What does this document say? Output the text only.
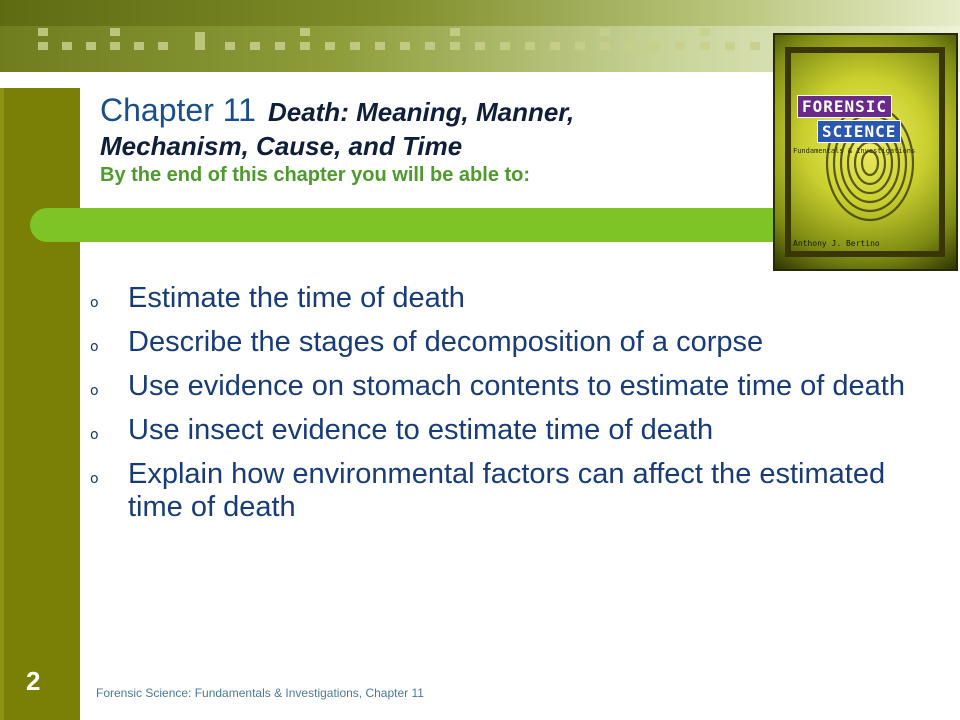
Chapter 11 Death: Meaning, Manner,
Mechanism, Cause, and Time
By the end of this chapter you will be able to:
FORENSIC
SCIENCE
Fundamentals & Investigations
Anthony J. Bertino
o Estimate the time of death
o Describe the stages of decomposition of a corpse
o Use evidence on stomach contents to estimate time of death
o Use insect evidence to estimate time of death
o Explain how environmental factors can affect the estimated time of death
2	Forensic Science: Fundamentals & Investigations, Chapter 11
